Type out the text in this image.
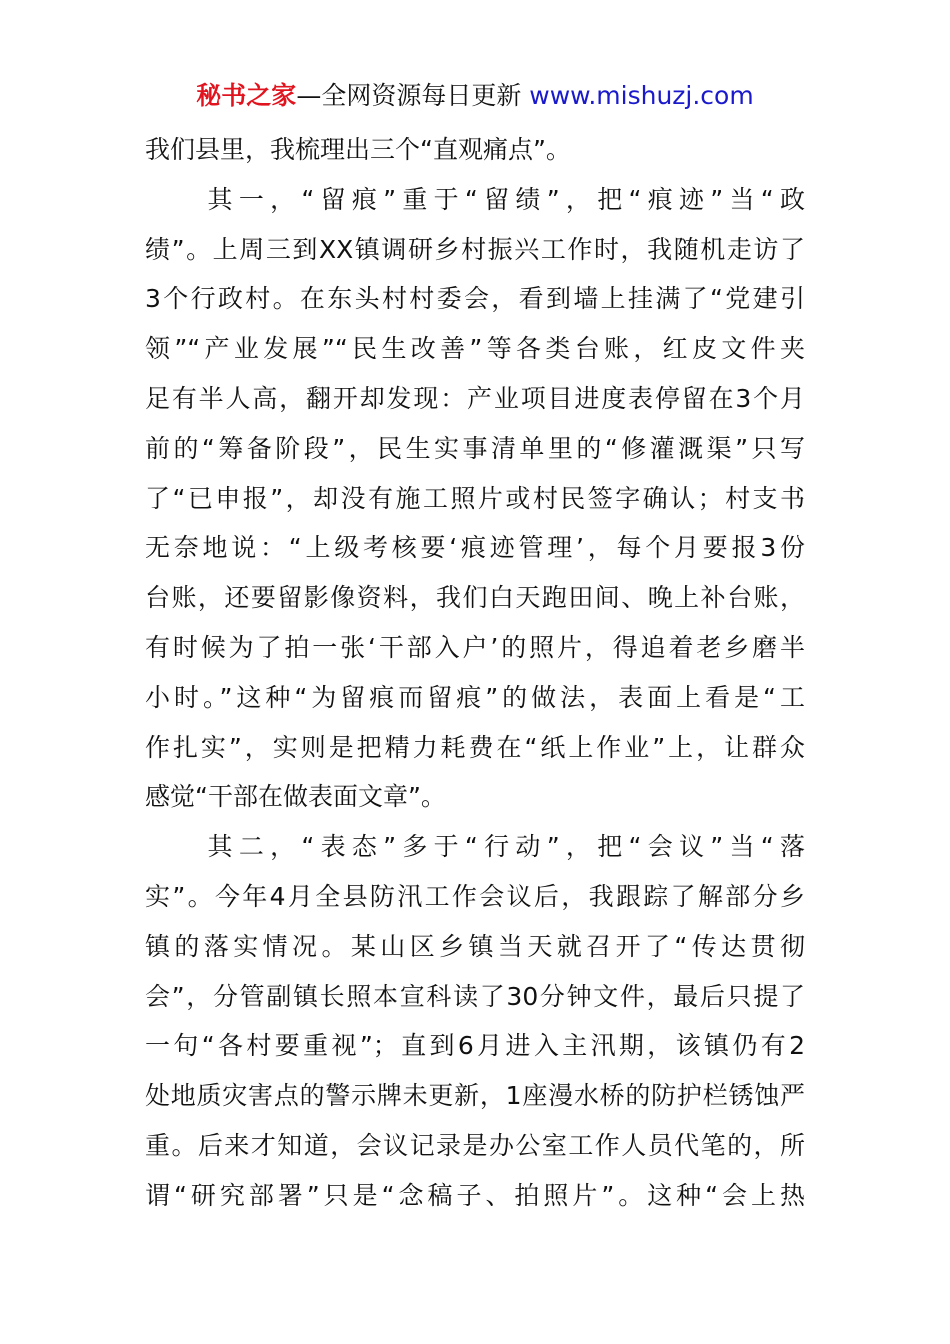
秘书之家—全网资源每日更新 www.mishuzj.com
我们县里，我梳理出三个“直观痛点”。
　　其一，“留痕”重于“留绩”，把“痕迹”当“政
绩”。上周三到XX镇调研乡村振兴工作时，我随机走访了
3个行政村。在东头村村委会，看到墙上挂满了“党建引
领”“产业发展”“民生改善”等各类台账，红皮文件夹
足有半人高，翻开却发现：产业项目进度表停留在3个月
前的“筹备阶段”，民生实事清单里的“修灌溉渠”只写
了“已申报”，却没有施工照片或村民签字确认；村支书
无奈地说：“上级考核要‘痕迹管理’，每个月要报3份
台账，还要留影像资料，我们白天跑田间、晚上补台账，
有时候为了拍一张‘干部入户’的照片，得追着老乡磨半
小时。”这种“为留痕而留痕”的做法，表面上看是“工
作扎实”，实则是把精力耗费在“纸上作业”上，让群众
感觉“干部在做表面文章”。
　　其二，“表态”多于“行动”，把“会议”当“落
实”。今年4月全县防汛工作会议后，我跟踪了解部分乡
镇的落实情况。某山区乡镇当天就召开了“传达贯彻
会”，分管副镇长照本宣科读了30分钟文件，最后只提了
一句“各村要重视”；直到6月进入主汛期，该镇仍有2
处地质灾害点的警示牌未更新，1座漫水桥的防护栏锈蚀严
重。后来才知道，会议记录是办公室工作人员代笔的，所
谓“研究部署”只是“念稿子、拍照片”。这种“会上热
